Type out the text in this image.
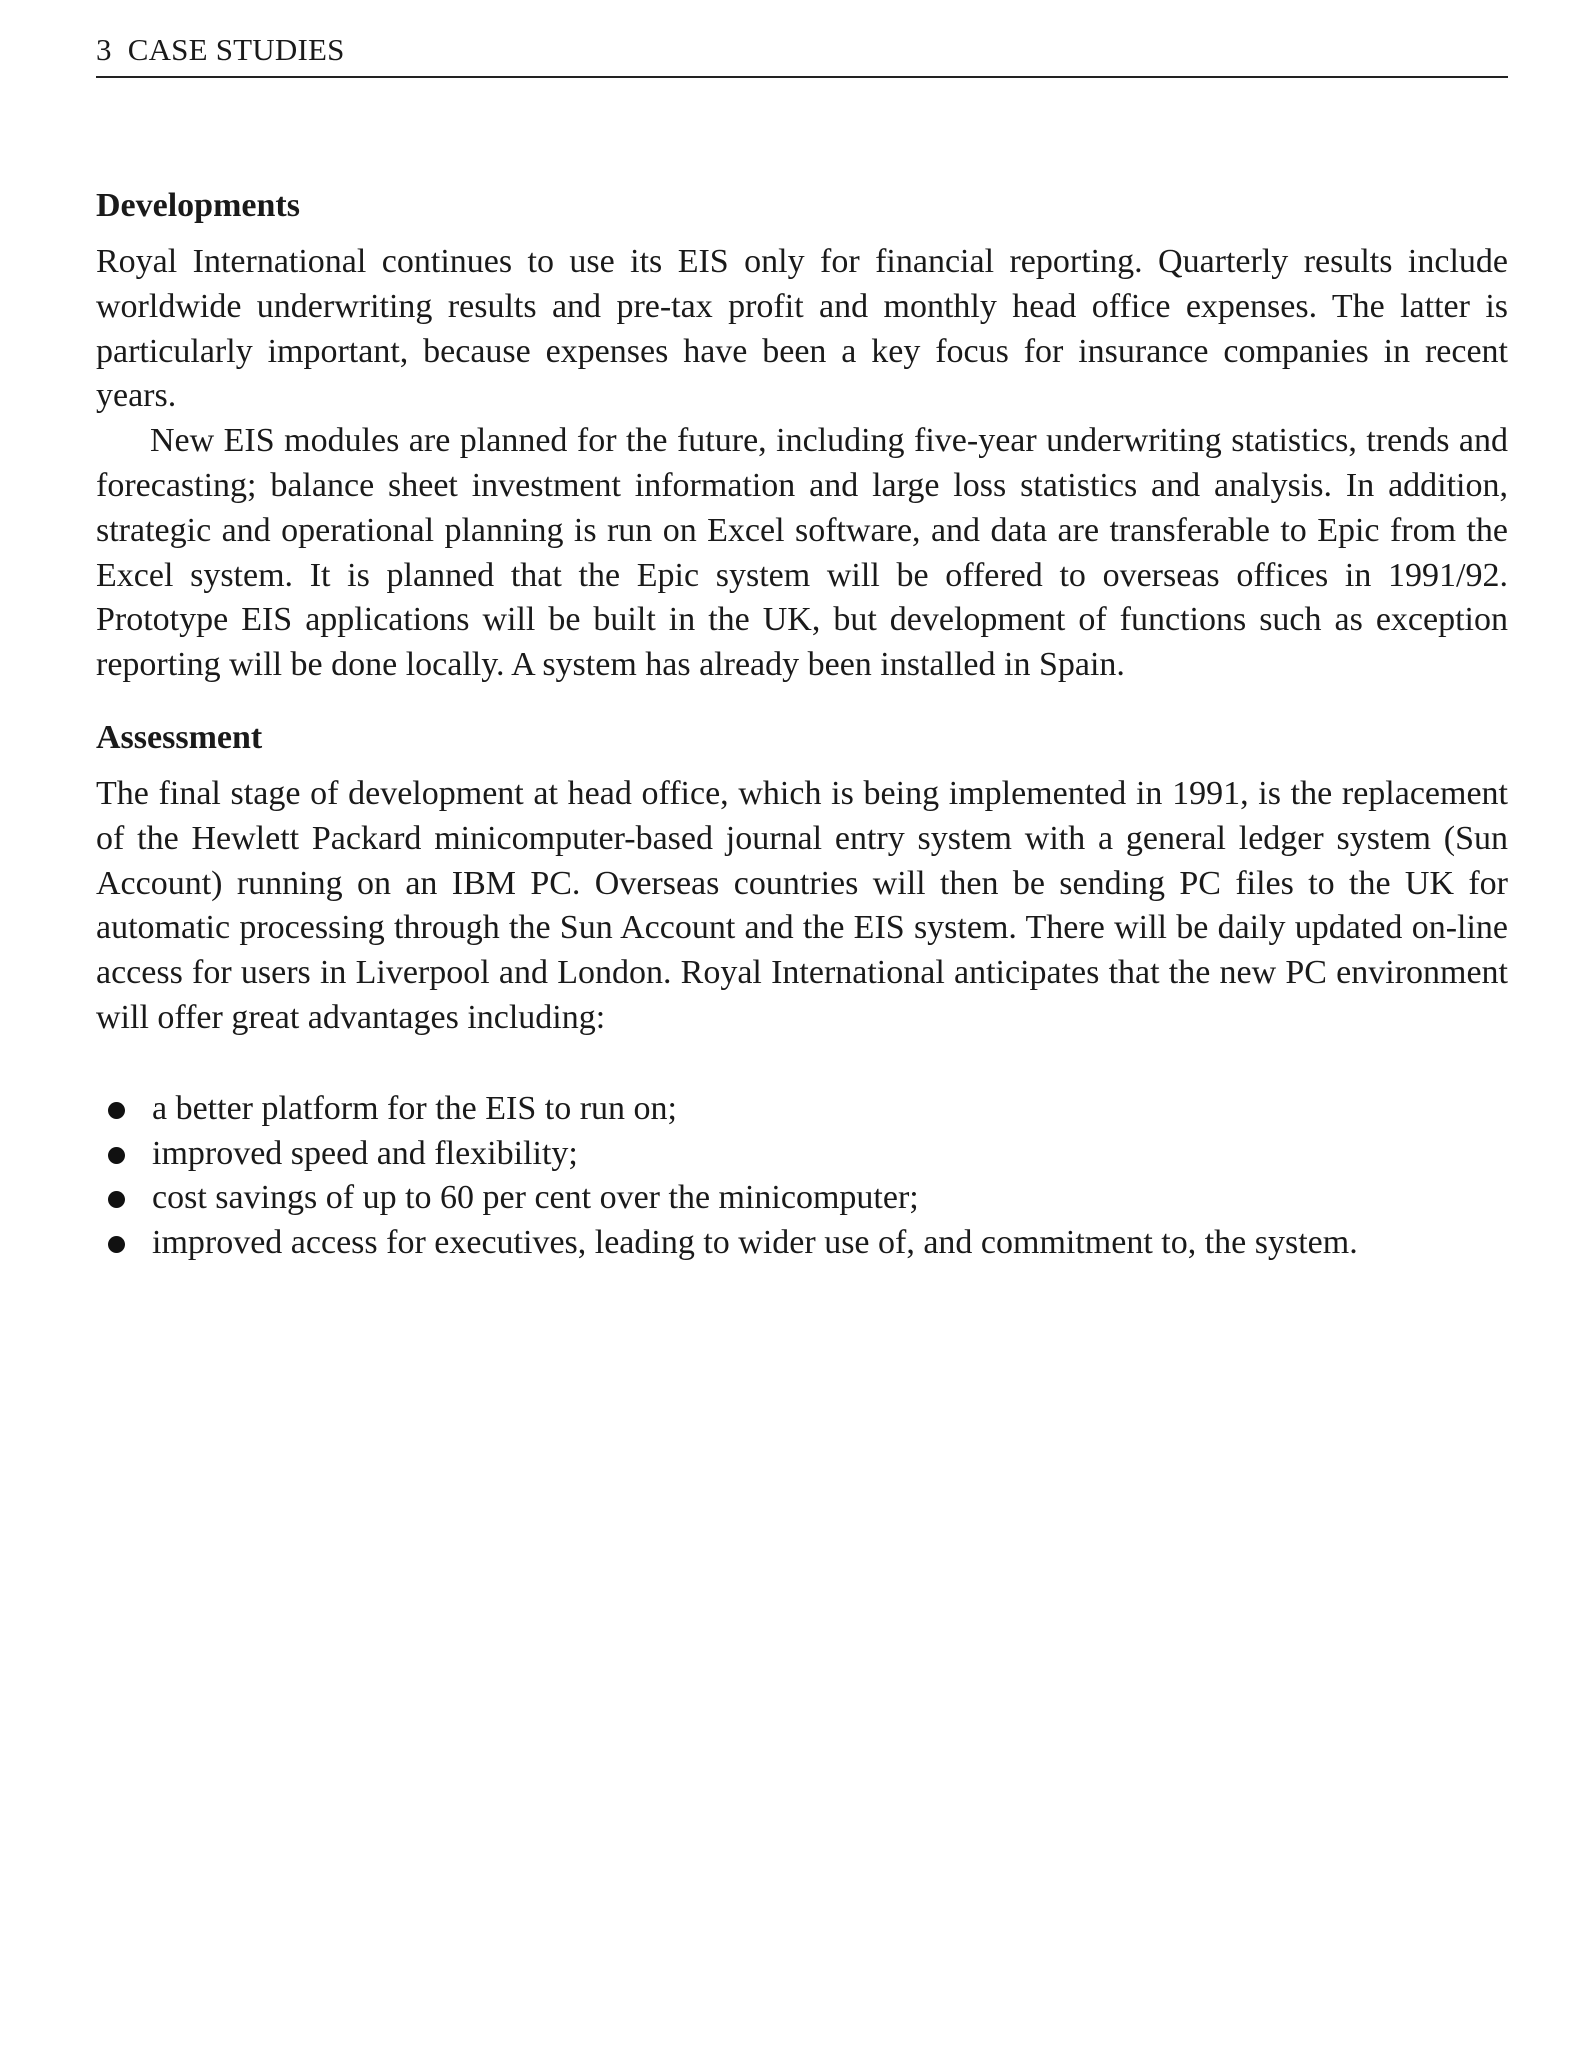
3 CASE STUDIES
Developments

Royal International continues to use its EIS only for financial reporting. Quarterly results include worldwide underwriting results and pre-tax profit and monthly head office expenses. The latter is particularly important, because expenses have been a key focus for insurance companies in recent years.

New EIS modules are planned for the future, including five-year underwriting statistics, trends and forecasting; balance sheet investment information and large loss statistics and analysis. In addition, strategic and operational planning is run on Excel software, and data are transferable to Epic from the Excel system. It is planned that the Epic system will be offered to overseas offices in 1991/92. Prototype EIS applications will be built in the UK, but development of functions such as exception reporting will be done locally. A system has already been installed in Spain.

Assessment

The final stage of development at head office, which is being implemented in 1991, is the replacement of the Hewlett Packard minicomputer-based journal entry system with a general ledger system (Sun Account) running on an IBM PC. Overseas countries will then be sending PC files to the UK for automatic processing through the Sun Account and the EIS system. There will be daily updated on-line access for users in Liverpool and London. Royal International anticipates that the new PC environment will offer great advantages including:

a better platform for the EIS to run on;
improved speed and flexibility;
cost savings of up to 60 per cent over the minicomputer;
improved access for executives, leading to wider use of, and commitment to, the system.
